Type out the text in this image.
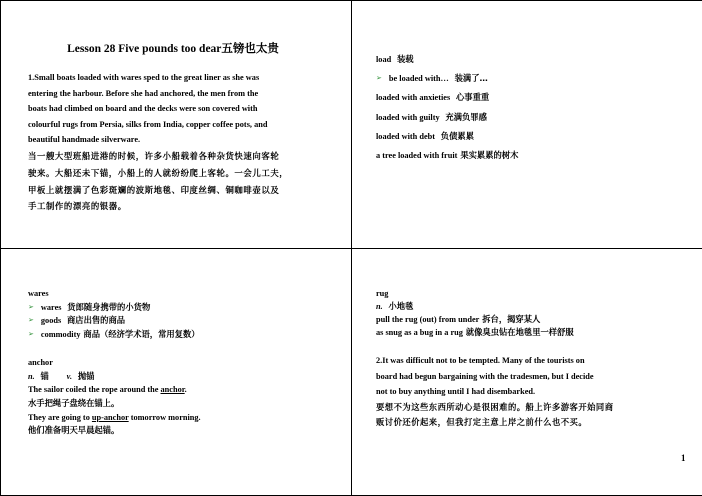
Lesson 28 Five pounds too dear五镑也太贵
1.Small boats loaded with wares sped to the great liner as she was
entering the harbour. Before she had anchored, the men from the
boats had climbed on board and the decks were son covered with
colourful rugs from Persia, silks from India, copper coffee pots, and
beautiful handmade silverware.
当一艘大型班船进港的时候，许多小船载着各种杂货快速向客轮
驶来。大船还未下锚，小船上的人就纷纷爬上客轮。一会儿工夫，
甲板上就摆满了色彩斑斓的波斯地毯、印度丝绸、铜咖啡壶以及
手工制作的漂亮的银器。
load 装载
➢ be loaded with… 装满了…
loaded with anxieties 心事重重
loaded with guilty 充满负罪感
loaded with debt 负债累累
a tree loaded with fruit 果实累累的树木
wares
➢ wares 货郎随身携带的小货物
➢ goods 商店出售的商品
➢ commodity 商品（经济学术语，常用复数）
anchor
n. 锚 v. 抛锚
The sailor coiled the rope around the anchor.
水手把绳子盘绕在锚上。
They are going to up-anchor tomorrow morning.
他们准备明天早晨起锚。
rug
n. 小地毯
pull the rug (out) from under 拆台，揭穿某人
as snug as a bug in a rug 就像臭虫钻在地毯里一样舒服
2.It was difficult not to be tempted. Many of the tourists on
board had begun bargaining with the tradesmen, but I decide
not to buy anything until I had disembarked.
要想不为这些东西所动心是很困难的。船上许多游客开始同商
贩讨价还价起来，但我打定主意上岸之前什么也不买。
1
